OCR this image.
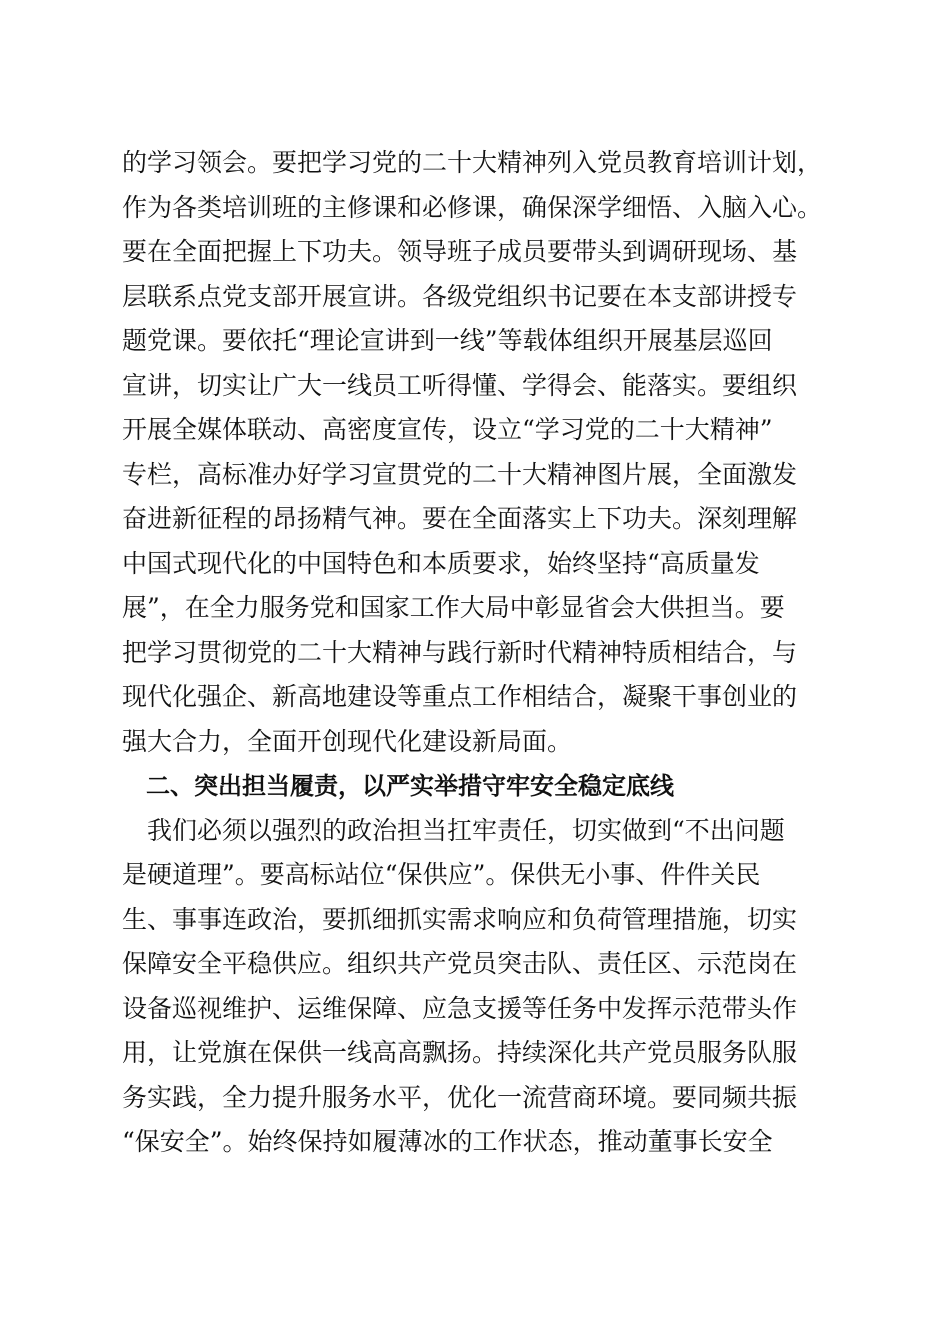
的学习领会。要把学习党的二十大精神列入党员教育培训计划，
作为各类培训班的主修课和必修课，确保深学细悟、入脑入心。
要在全面把握上下功夫。领导班子成员要带头到调研现场、基
层联系点党支部开展宣讲。各级党组织书记要在本支部讲授专
题党课。要依托“理论宣讲到一线”等载体组织开展基层巡回
宣讲，切实让广大一线员工听得懂、学得会、能落实。要组织
开展全媒体联动、高密度宣传，设立“学习党的二十大精神”
专栏，高标准办好学习宣贯党的二十大精神图片展，全面激发
奋进新征程的昂扬精气神。要在全面落实上下功夫。深刻理解
中国式现代化的中国特色和本质要求，始终坚持“高质量发
展”，在全力服务党和国家工作大局中彰显省会大供担当。要
把学习贯彻党的二十大精神与践行新时代精神特质相结合，与
现代化强企、新高地建设等重点工作相结合，凝聚干事创业的
强大合力，全面开创现代化建设新局面。
　二、突出担当履责，以严实举措守牢安全稳定底线
　我们必须以强烈的政治担当扛牢责任，切实做到“不出问题
是硬道理”。要高标站位“保供应”。保供无小事、件件关民
生、事事连政治，要抓细抓实需求响应和负荷管理措施，切实
保障安全平稳供应。组织共产党员突击队、责任区、示范岗在
设备巡视维护、运维保障、应急支援等任务中发挥示范带头作
用，让党旗在保供一线高高飘扬。持续深化共产党员服务队服
务实践，全力提升服务水平，优化一流营商环境。要同频共振
“保安全”。始终保持如履薄冰的工作状态，推动董事长安全
